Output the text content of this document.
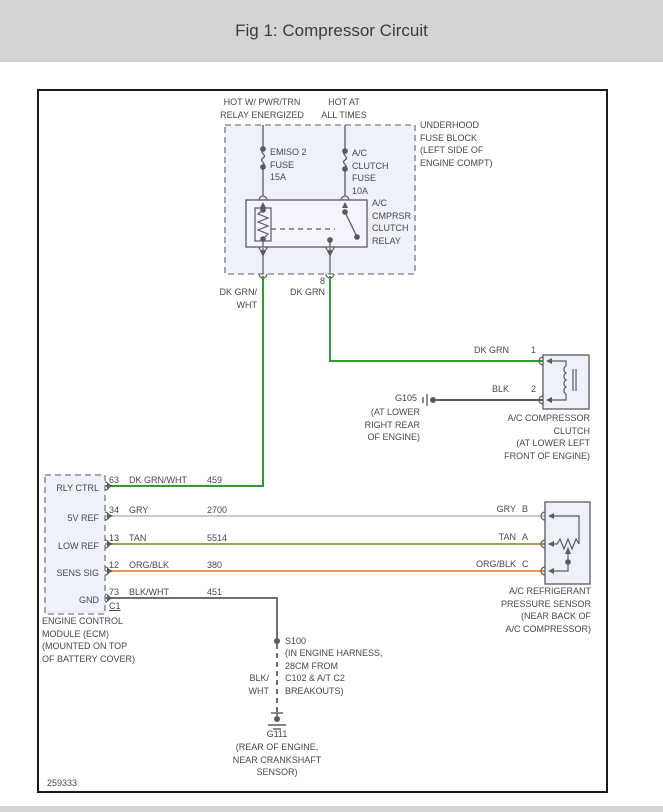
Fig 1: Compressor Circuit
HOT W/ PWR/TRN
RELAY ENERGIZED
HOT AT
ALL TIMES
UNDERHOOD
FUSE BLOCK
(LEFT SIDE OF
ENGINE COMPT)
EMISO 2
FUSE
15A
A/C
CLUTCH
FUSE
10A
A/C
CMPRSR
CLUTCH
RELAY
8
DK GRN
DK GRN/
WHT
DK GRN 1
BLK 2
A/C COMPRESSOR
CLUTCH
(AT LOWER LEFT
FRONT OF ENGINE)
G105
(AT LOWER
RIGHT REAR
OF ENGINE)
RLY CTRL
63 DK GRN/WHT 459
5V REF
34 GRY	2700
LOW REF
13 TAN	5514
SENS SIG
12 ORG/BLK	380
GND
73 BLK/WHT	451
C1
ENGINE CONTROL
MODULE (ECM)
(MOUNTED ON TOP
OF BATTERY COVER)
GRY B
TAN A
ORG/BLK C
A/C REFRIGERANT
PRESSURE SENSOR
(NEAR BACK OF
A/C COMPRESSOR)
S100
(IN ENGINE HARNESS,
28CM FROM
C102 & A/T C2
BREAKOUTS)
BLK/
WHT
G111
(REAR OF ENGINE,
NEAR CRANKSHAFT
SENSOR)
259333
